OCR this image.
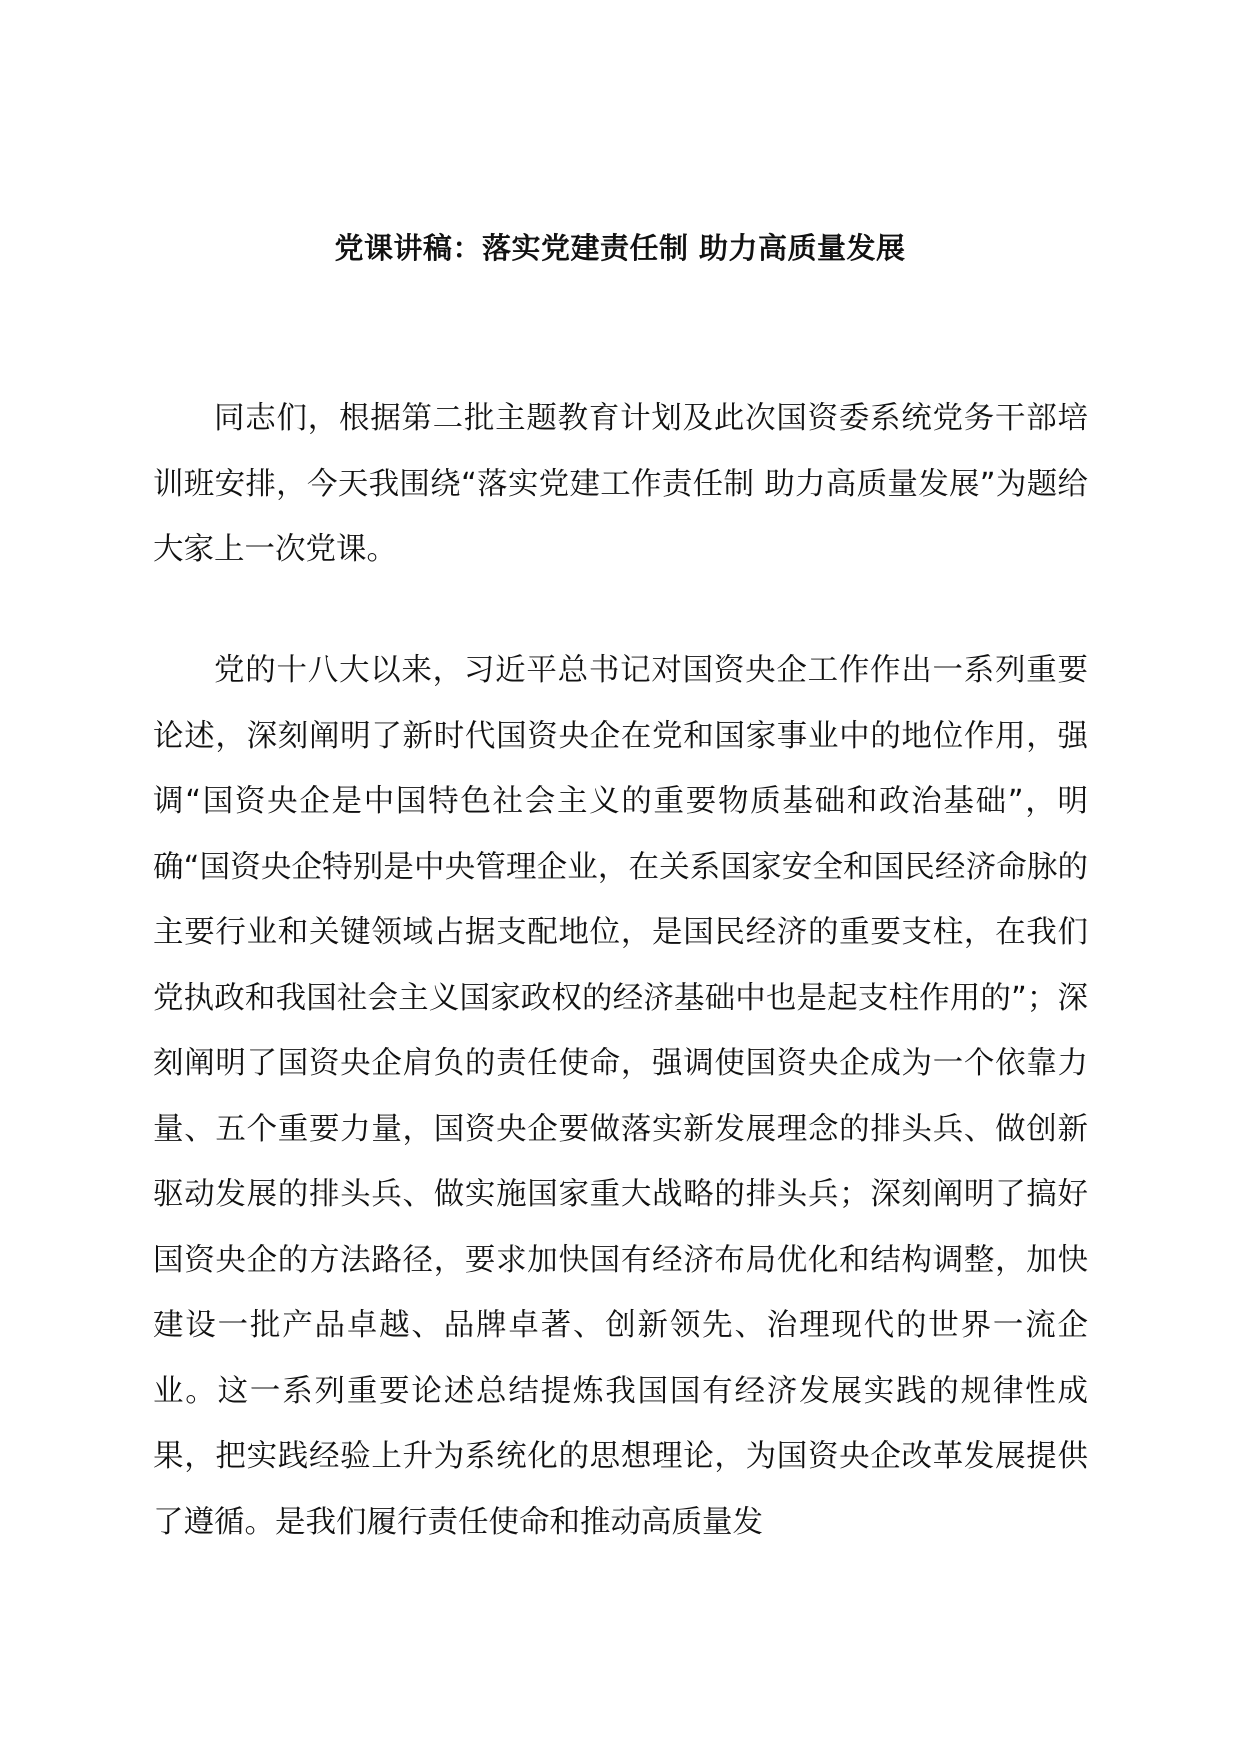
党课讲稿：落实党建责任制 助力高质量发展

同志们，根据第二批主题教育计划及此次国资委系统党务干部培训班安排，今天我围绕“落实党建工作责任制 助力高质量发展”为题给大家上一次党课。

党的十八大以来，习近平总书记对国资央企工作作出一系列重要论述，深刻阐明了新时代国资央企在党和国家事业中的地位作用，强调“国资央企是中国特色社会主义的重要物质基础和政治基础”，明确“国资央企特别是中央管理企业，在关系国家安全和国民经济命脉的主要行业和关键领域占据支配地位，是国民经济的重要支柱，在我们党执政和我国社会主义国家政权的经济基础中也是起支柱作用的”；深刻阐明了国资央企肩负的责任使命，强调使国资央企成为一个依靠力量、五个重要力量，国资央企要做落实新发展理念的排头兵、做创新驱动发展的排头兵、做实施国家重大战略的排头兵；深刻阐明了搞好国资央企的方法路径，要求加快国有经济布局优化和结构调整，加快建设一批产品卓越、品牌卓著、创新领先、治理现代的世界一流企业。这一系列重要论述总结提炼我国国有经济发展实践的规律性成果，把实践经验上升为系统化的思想理论，为国资央企改革发展提供了遵循。是我们履行责任使命和推动高质量发
